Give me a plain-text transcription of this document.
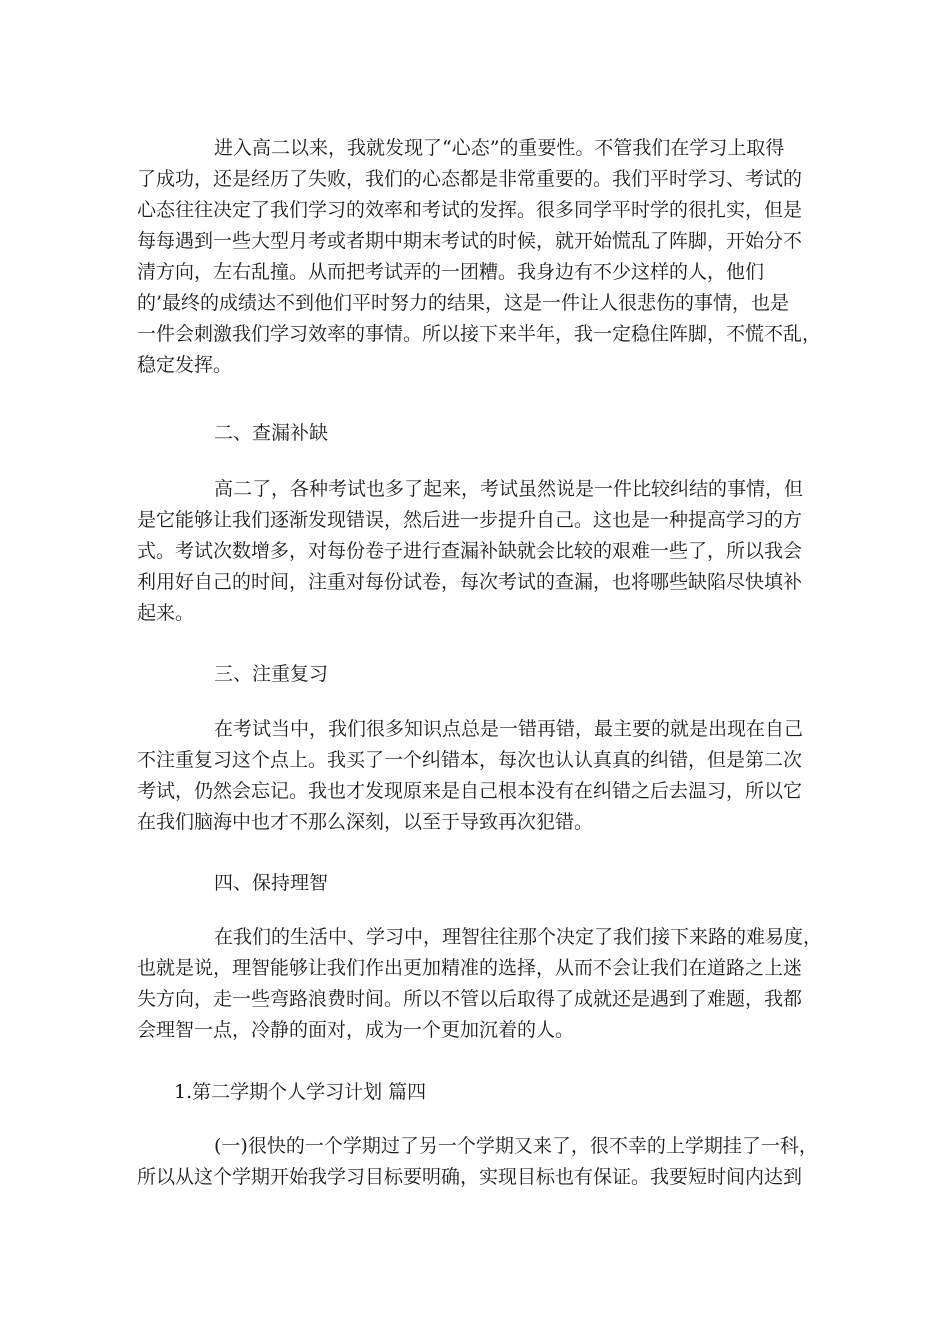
进入高二以来，我就发现了“心态”的重要性。不管我们在学习上取得
了成功，还是经历了失败，我们的心态都是非常重要的。我们平时学习、考试的
心态往往决定了我们学习的效率和考试的发挥。很多同学平时学的很扎实，但是
每每遇到一些大型月考或者期中期末考试的时候，就开始慌乱了阵脚，开始分不
清方向，左右乱撞。从而把考试弄的一团糟。我身边有不少这样的人，他们
的’最终的成绩达不到他们平时努力的结果，这是一件让人很悲伤的事情，也是
一件会刺激我们学习效率的事情。所以接下来半年，我一定稳住阵脚，不慌不乱，
稳定发挥。
二、查漏补缺
高二了，各种考试也多了起来，考试虽然说是一件比较纠结的事情，但
是它能够让我们逐渐发现错误，然后进一步提升自己。这也是一种提高学习的方
式。考试次数增多，对每份卷子进行查漏补缺就会比较的艰难一些了，所以我会
利用好自己的时间，注重对每份试卷，每次考试的查漏，也将哪些缺陷尽快填补
起来。
三、注重复习
在考试当中，我们很多知识点总是一错再错，最主要的就是出现在自己
不注重复习这个点上。我买了一个纠错本，每次也认认真真的纠错，但是第二次
考试，仍然会忘记。我也才发现原来是自己根本没有在纠错之后去温习，所以它
在我们脑海中也才不那么深刻，以至于导致再次犯错。
四、保持理智
在我们的生活中、学习中，理智往往那个决定了我们接下来路的难易度，
也就是说，理智能够让我们作出更加精准的选择，从而不会让我们在道路之上迷
失方向，走一些弯路浪费时间。所以不管以后取得了成就还是遇到了难题，我都
会理智一点，冷静的面对，成为一个更加沉着的人。
1.第二学期个人学习计划 篇四
(一)很快的一个学期过了另一个学期又来了，很不幸的上学期挂了一科，
所以从这个学期开始我学习目标要明确，实现目标也有保证。我要短时间内达到
